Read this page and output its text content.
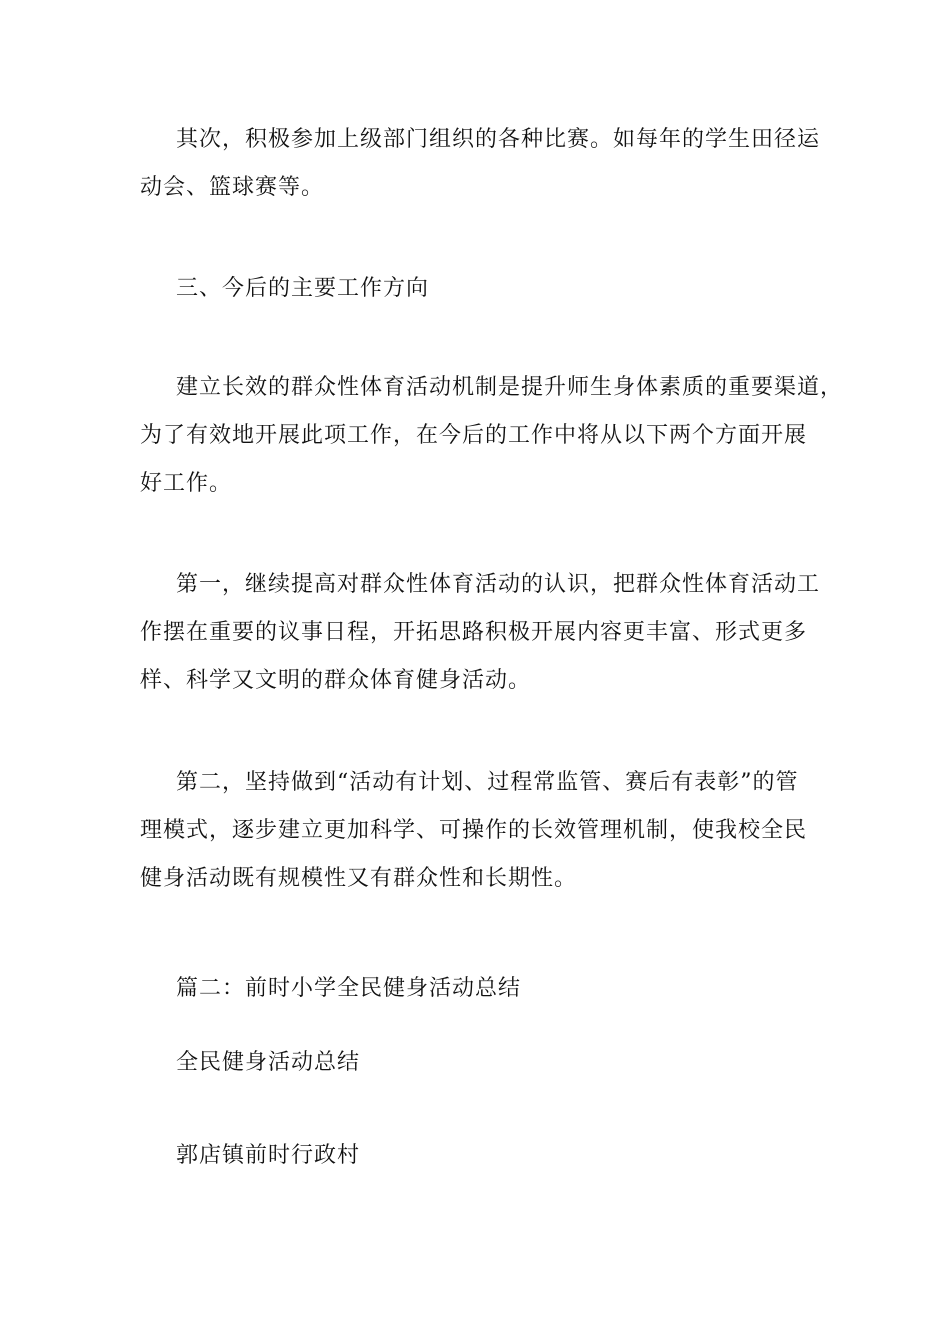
其次，积极参加上级部门组织的各种比赛。如每年的学生田径运
动会、篮球赛等。
三、今后的主要工作方向
建立长效的群众性体育活动机制是提升师生身体素质的重要渠道，
为了有效地开展此项工作，在今后的工作中将从以下两个方面开展
好工作。
第一，继续提高对群众性体育活动的认识，把群众性体育活动工
作摆在重要的议事日程，开拓思路积极开展内容更丰富、形式更多
样、科学又文明的群众体育健身活动。
第二，坚持做到“活动有计划、过程常监管、赛后有表彰”的管
理模式，逐步建立更加科学、可操作的长效管理机制，使我校全民
健身活动既有规模性又有群众性和长期性。
篇二：前时小学全民健身活动总结
全民健身活动总结
郭店镇前时行政村
